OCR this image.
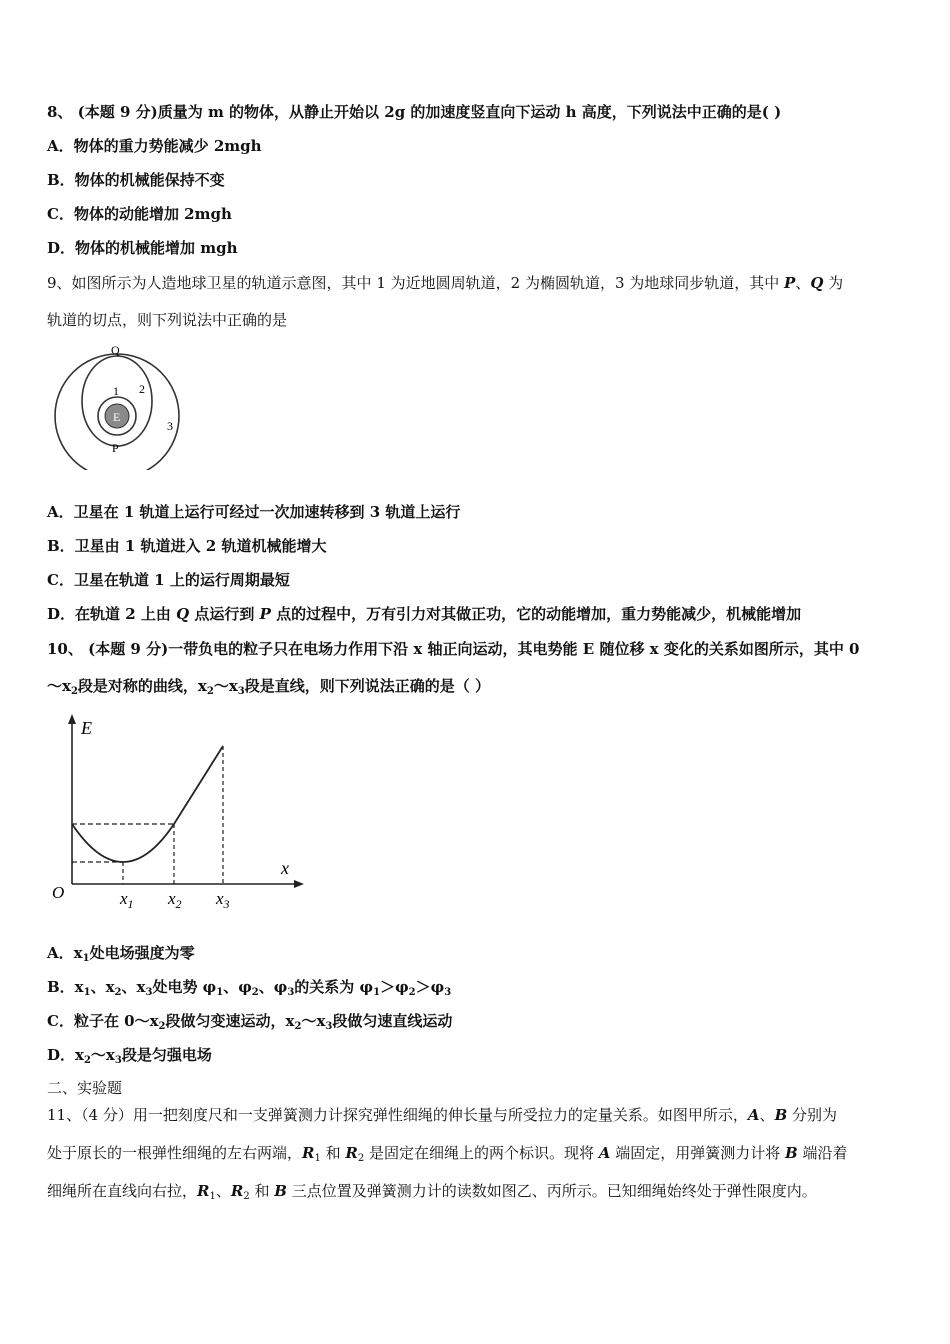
8、 (本题 9 分)质量为 m 的物体，从静止开始以 2g 的加速度竖直向下运动 h 高度，下列说法中正确的是( )
A．物体的重力势能减少 2mgh
B．物体的机械能保持不变
C．物体的动能增加 2mgh
D．物体的机械能增加 mgh
9、如图所示为人造地球卫星的轨道示意图，其中 1 为近地圆周轨道，2 为椭圆轨道，3 为地球同步轨道，其中 P、Q 为
轨道的切点，则下列说法中正确的是
E
Q
P
1 2
3
A．卫星在 1 轨道上运行可经过一次加速转移到 3 轨道上运行
B．卫星由 1 轨道进入 2 轨道机械能增大
C．卫星在轨道 1 上的运行周期最短
D．在轨道 2 上由 Q 点运行到 P 点的过程中，万有引力对其做正功，它的动能增加，重力势能减少，机械能增加
10、 (本题 9 分)一带负电的粒子只在电场力作用下沿 x 轴正向运动，其电势能 E 随位移 x 变化的关系如图所示，其中 0
$\sim x_2$段是对称的曲线，$x_2\sim x_3$段是直线，则下列说法正确的是（ ）
E
x
O	$x_1$ $x_2$ $x_3$
A．$x_1$处电场强度为零
B．$x_1$、$x_2$、$x_3$处电势 $\varphi_1$、$\varphi_2$、$\varphi_3$的关系为 $\varphi_1>\varphi_2>\varphi_3$
C．粒子在 $0\sim x_2$段做匀变速运动，$x_2\sim x_3$段做匀速直线运动
D．$x_2\sim x_3$段是匀强电场
二、实验题
11、（4 分）用一把刻度尺和一支弹簧测力计探究弹性细绳的伸长量与所受拉力的定量关系。如图甲所示，A、B 分别为
处于原长的一根弹性细绳的左右两端，$R_1$ 和 $R_2$ 是固定在细绳上的两个标识。现将 A 端固定，用弹簧测力计将 B 端沿着
细绳所在直线向右拉，$R_1$、$R_2$ 和 B 三点位置及弹簧测力计的读数如图乙、丙所示。已知细绳始终处于弹性限度内。
